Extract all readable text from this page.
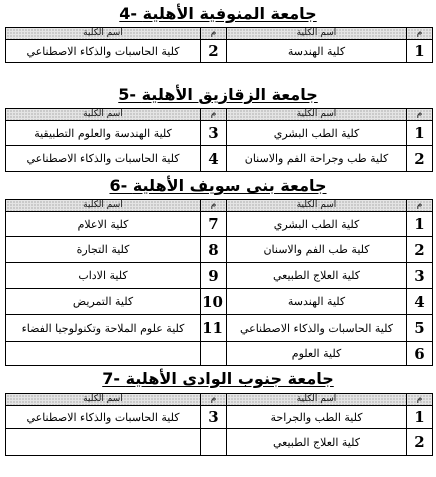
4- جامعة المنوفية الأهلية
م	اسم الكلية	م	اسم الكلية
1	كلية الهندسة	2	كلية الحاسبات والذكاء الاصطناعي
5- جامعة الزقازيق الأهلية
م	اسم الكلية	م	اسم الكلية
1	كلية الطب البشري	3	كلية الهندسة والعلوم التطبيقية
2	كلية طب وجراحة الفم والاسنان	4	كلية الحاسبات والذكاء الاصطناعي
6- جامعة بنى سويف الأهلية
م	اسم الكلية	م	اسم الكلية
1	كلية الطب البشري	7	كلية الاعلام
2	كلية طب الفم والاسنان	8	كلية التجارة
3	كلية العلاج الطبيعي	9	كلية الاداب
4	كلية الهندسة	10	كلية التمريض
5	كلية الحاسبات والذكاء الاصطناعي	11	كلية علوم الملاحة وتكنولوجيا الفضاء
6	كلية العلوم		
7- جامعة جنوب الوادى الأهلية
م	اسم الكلية	م	اسم الكلية
1	كلية الطب والجراحة	3	كلية الحاسبات والذكاء الاصطناعي
2	كلية العلاج الطبيعي		
